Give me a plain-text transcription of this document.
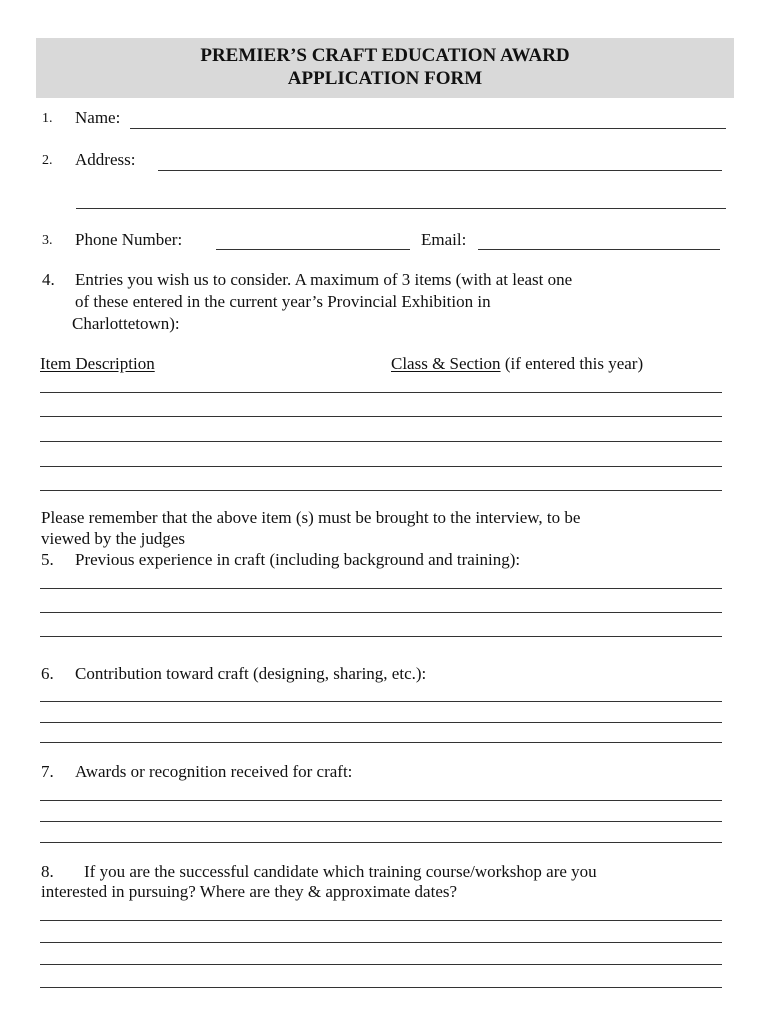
PREMIER’S CRAFT EDUCATION AWARD
APPLICATION FORM
1. Name:
2. Address:
3. Phone Number:	Email:
4. Entries you wish us to consider. A maximum of 3 items (with at least one
of these entered in the current year’s Provincial Exhibition in
Charlottetown):
Item Description	Class & Section (if entered this year)
Please remember that the above item (s) must be brought to the interview, to be
viewed by the judges
5. Previous experience in craft (including background and training):
6. Contribution toward craft (designing, sharing, etc.):
7. Awards or recognition received for craft:
8. If you are the successful candidate which training course/workshop are you
interested in pursuing? Where are they & approximate dates?
